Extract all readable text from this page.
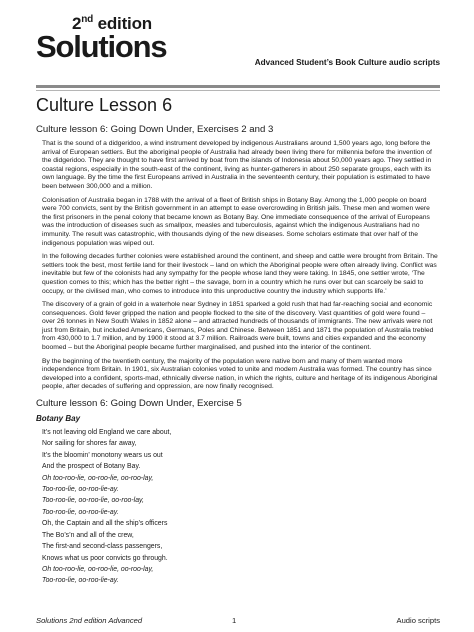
2nd edition
Solutions	Advanced Student’s Book Culture audio scripts
Culture Lesson 6
Culture lesson 6: Going Down Under, Exercises 2 and 3

That is the sound of a didgeridoo, a wind instrument developed by indigenous Australians around 1,500 years ago, long before the arrival of European settlers. But the aboriginal people of Australia had already been living there for millennia before the invention of the didgeridoo. They are thought to have first arrived by boat from the islands of Indonesia about 50,000 years ago. They settled in coastal regions, especially in the south-east of the continent, living as hunter-gatherers in about 250 separate groups, each with its own language. By the time the first Europeans arrived in Australia in the seventeenth century, their population is estimated to have been between 300,000 and a million.

Colonisation of Australia began in 1788 with the arrival of a fleet of British ships in Botany Bay. Among the 1,000 people on board were 700 convicts, sent by the British government in an attempt to ease overcrowding in British jails. These men and women were the first prisoners in the penal colony that became known as Botany Bay. One immediate consequence of the arrival of Europeans was the introduction of diseases such as smallpox, measles and tuberculosis, against which the indigenous Australians had no immunity. The result was catastrophic, with thousands dying of the new diseases. Some scholars estimate that over half of the indigenous population was wiped out.

In the following decades further colonies were established around the continent, and sheep and cattle were brought from Britain. The settlers took the best, most fertile land for their livestock – land on which the Aboriginal people were often already living. Conflict was inevitable but few of the colonists had any sympathy for the people whose land they were taking. In 1845, one settler wrote, ‘The question comes to this; which has the better right – the savage, born in a country which he runs over but can scarcely be said to occupy, or the civilised man, who comes to introduce into this unproductive country the industry which supports life.’

The discovery of a grain of gold in a waterhole near Sydney in 1851 sparked a gold rush that had far-reaching social and economic consequences. Gold fever gripped the nation and people flocked to the site of the discovery. Vast quantities of gold were found – over 26 tonnes in New South Wales in 1852 alone – and attracted hundreds of thousands of immigrants. The new arrivals were not just from Britain, but included Americans, Germans, Poles and Chinese. Between 1851 and 1871 the population of Australia trebled from 430,000 to 1.7 million, and by 1900 it stood at 3.7 million. Railroads were built, towns and cities expanded and the economy boomed – but the Aboriginal people became further marginalised, and pushed into the interior of the continent.

By the beginning of the twentieth century, the majority of the population were native born and many of them wanted more independence from Britain. In 1901, six Australian colonies voted to unite and modern Australia was formed. The country has since developed into a confident, sports-mad, ethnically diverse nation, in which the rights, culture and heritage of its indigenous Aboriginal people, after decades of suffering and oppression, are now finally recognised.

Culture lesson 6: Going Down Under, Exercise 5
Botany Bay
It’s not leaving old England we care about,
Nor sailing for shores far away,
It’s the bloomin’ monotony wears us out
And the prospect of Botany Bay.
Oh too-roo-lie, oo-roo-lie, oo-roo-lay,
Too-roo-lie, oo-roo-lie-ay.
Too-roo-lie, oo-roo-lie, oo-roo-lay,
Too-roo-lie, oo-roo-lie-ay.
Oh, the Captain and all the ship’s officers
The Bo’s’n and all of the crew,
The first-and second-class passengers,
Knows what us poor convicts go through.
Oh too-roo-lie, oo-roo-lie, oo-roo-lay,
Too-roo-lie, oo-roo-lie-ay.
Solutions 2nd edition Advanced	1	Audio scripts
